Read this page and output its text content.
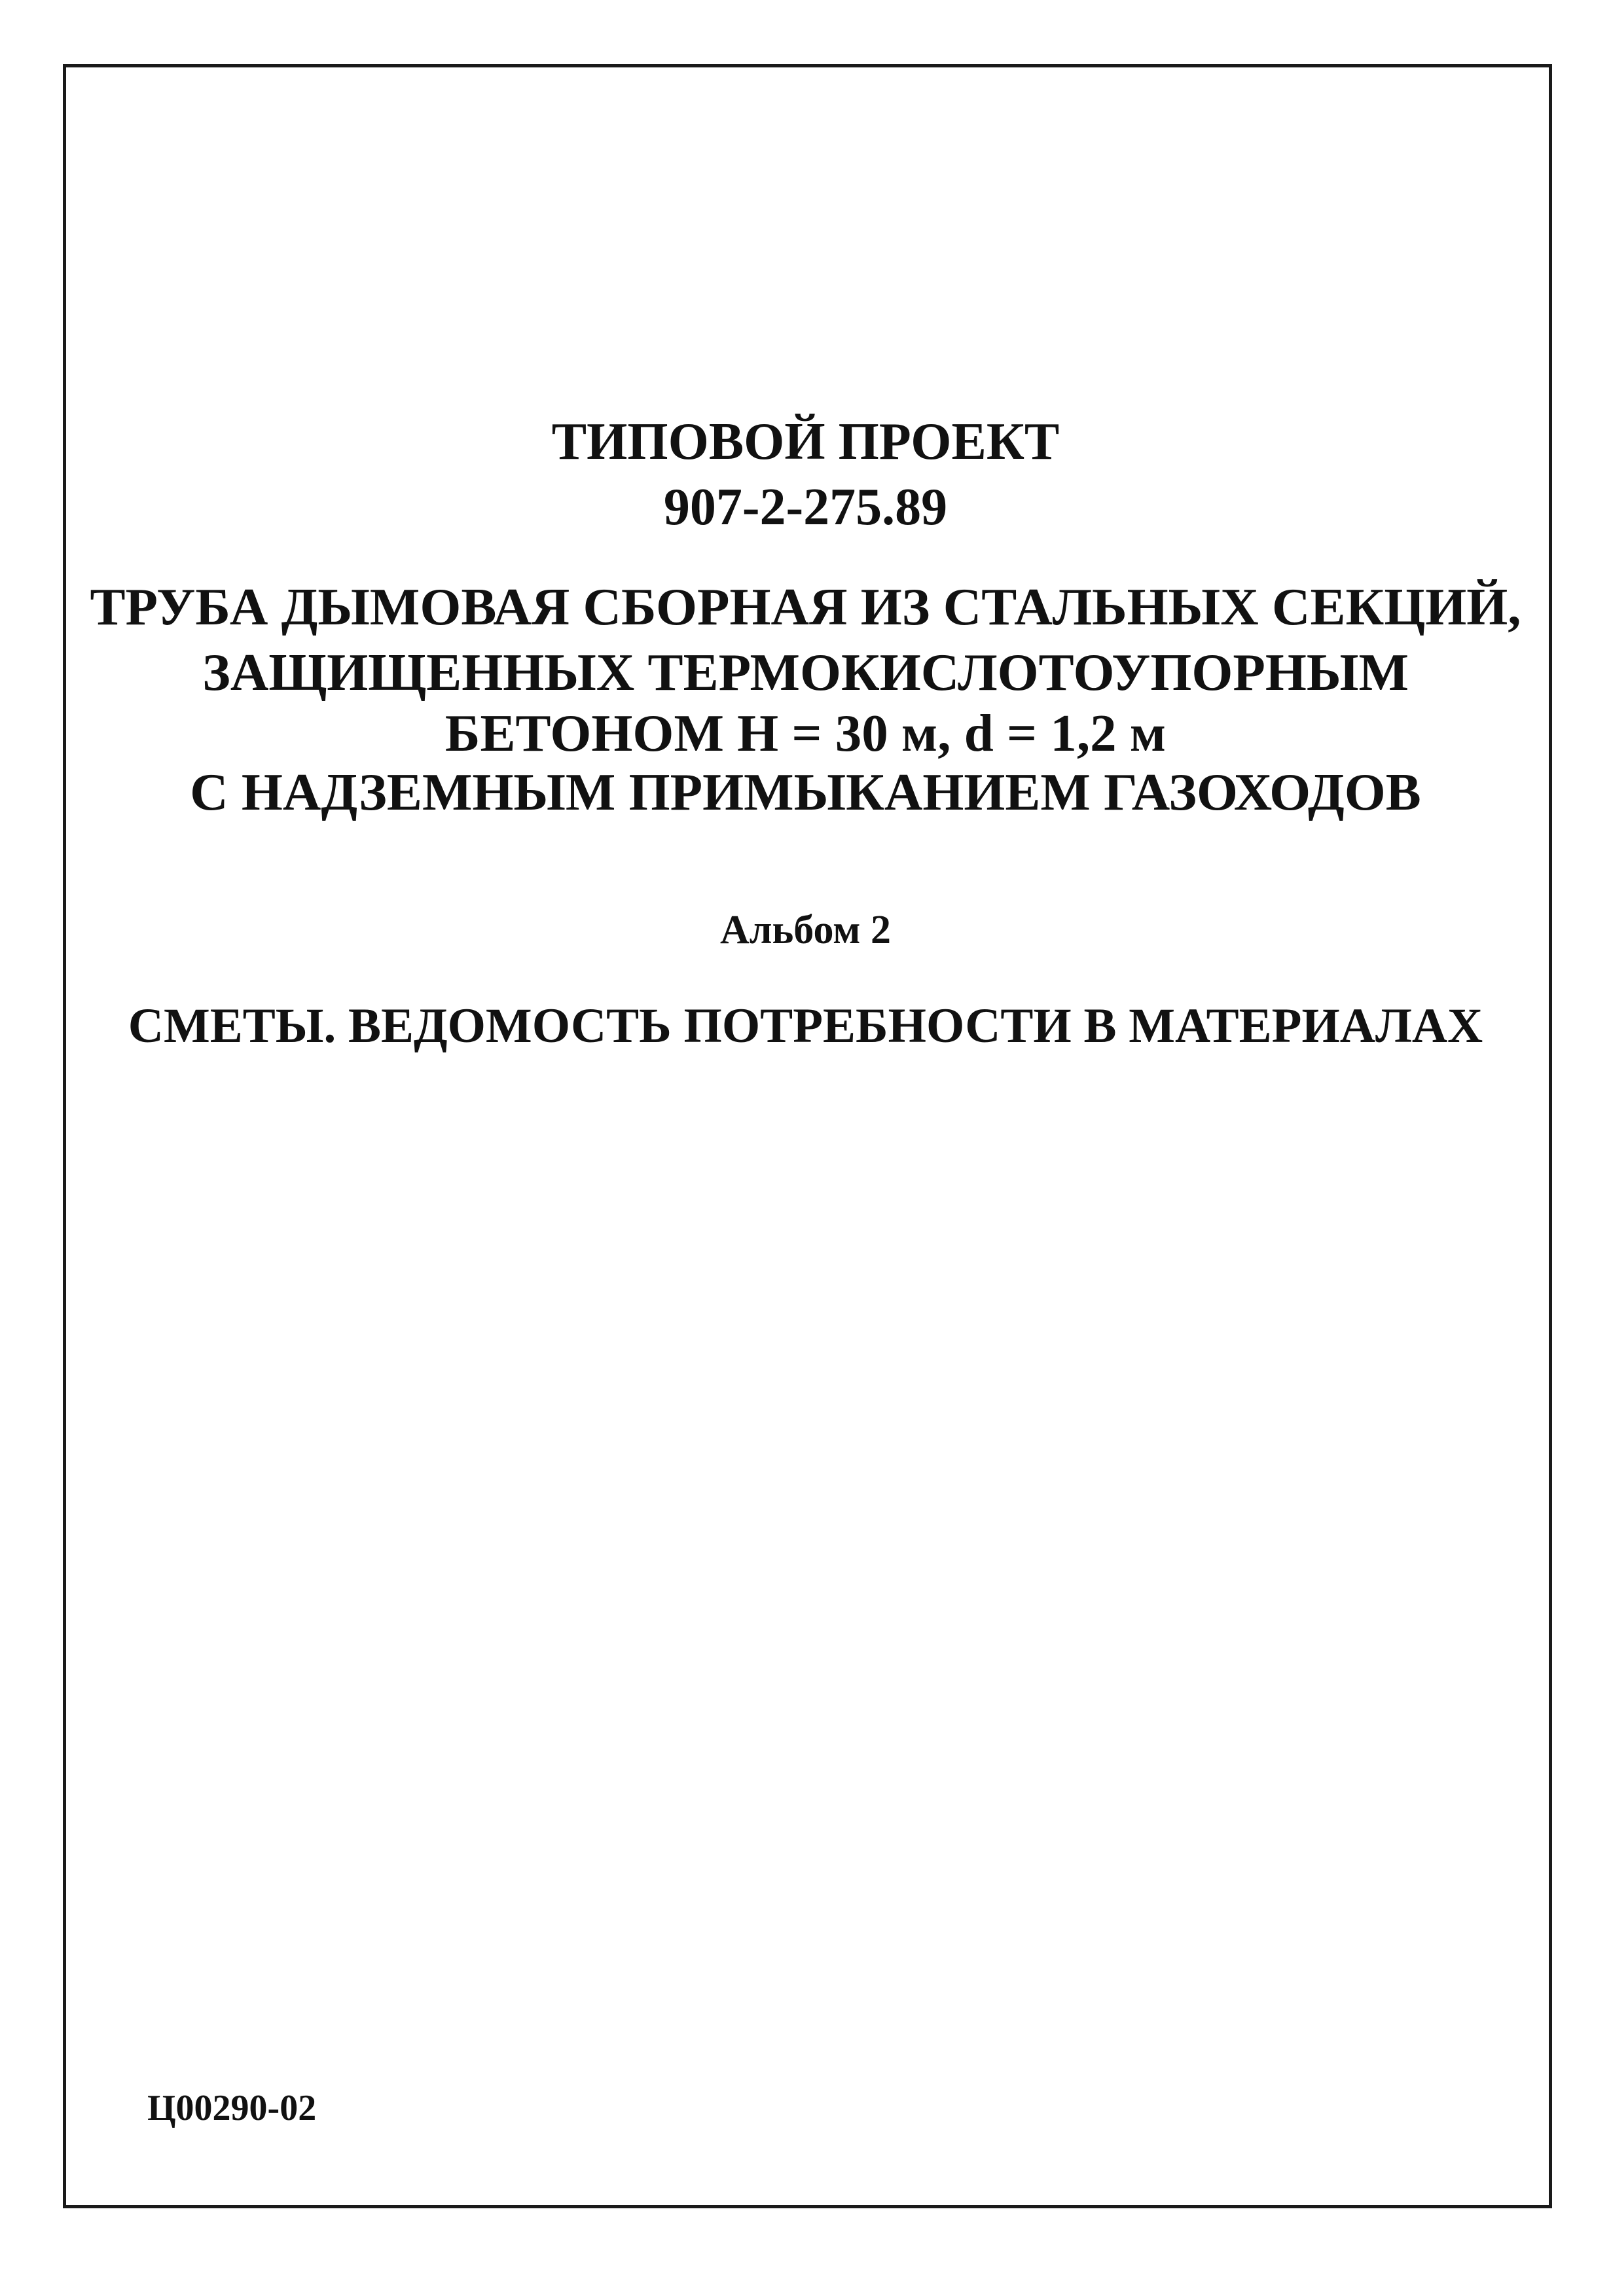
ТИПОВОЙ ПРОЕКТ
907-2-275.89
ТРУБА ДЫМОВАЯ СБОРНАЯ ИЗ СТАЛЬНЫХ СЕКЦИЙ,
ЗАЩИЩЕННЫХ ТЕРМОКИСЛОТОУПОРНЫМ
БЕТОНОМ Н = 30 м, d = 1,2 м
С НАДЗЕМНЫМ ПРИМЫКАНИЕМ ГАЗОХОДОВ
Альбом 2
СМЕТЫ. ВЕДОМОСТЬ ПОТРЕБНОСТИ В МАТЕРИАЛАХ
Ц00290-02
